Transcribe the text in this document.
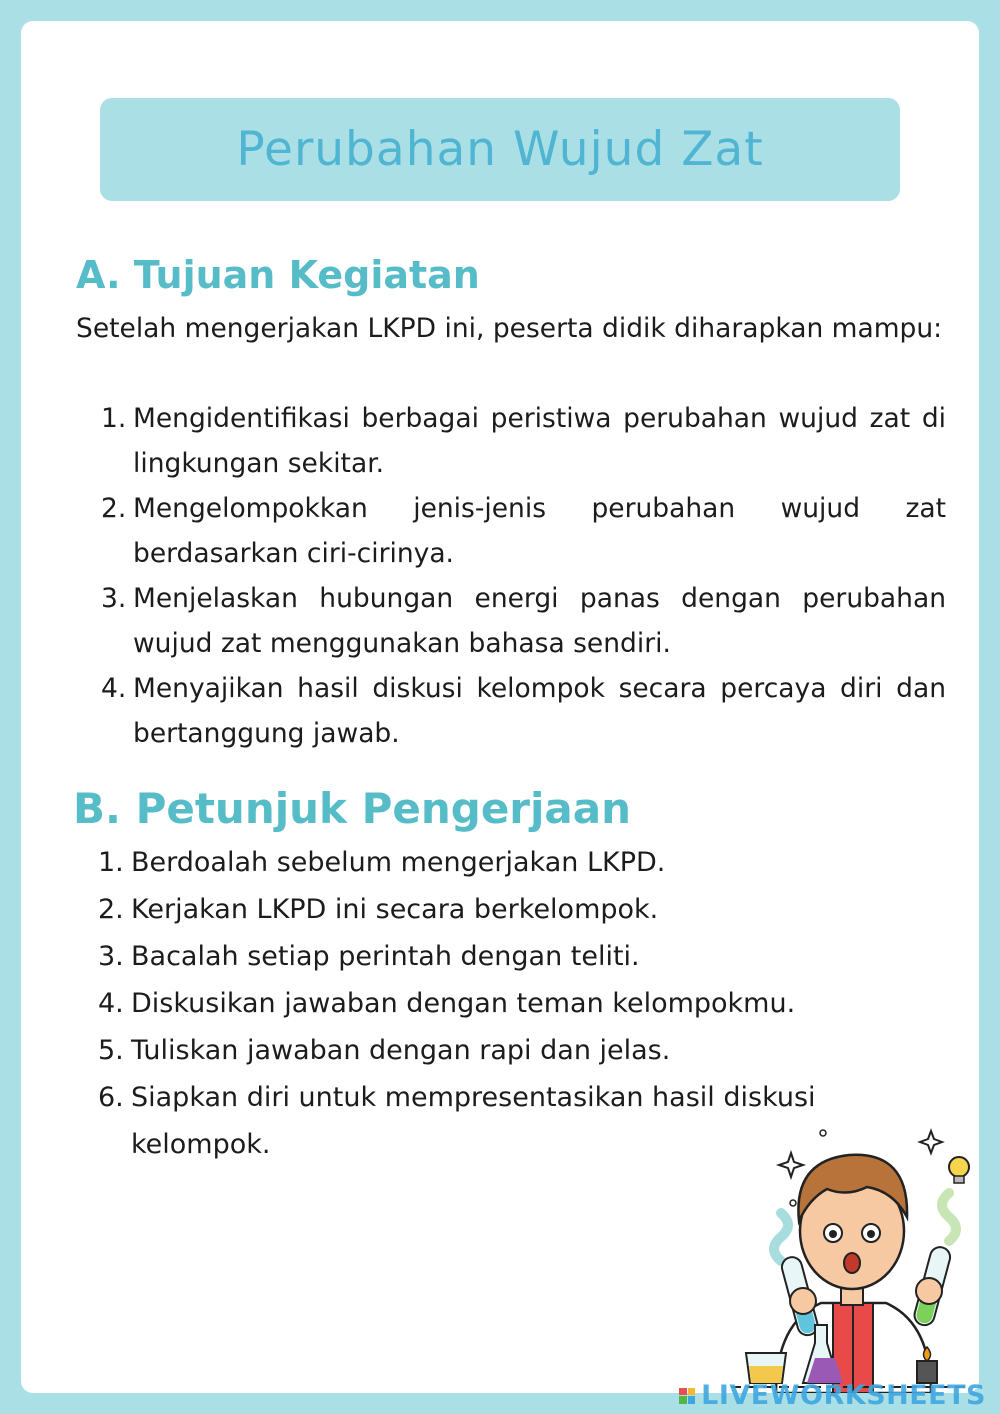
Perubahan Wujud Zat
A. Tujuan Kegiatan

Setelah mengerjakan LKPD ini, peserta didik diharapkan mampu:

1. Mengidentifikasi berbagai peristiwa perubahan wujud zat di lingkungan sekitar.
2. Mengelompokkan jenis-jenis perubahan wujud zat berdasarkan ciri-cirinya.
3. Menjelaskan hubungan energi panas dengan perubahan wujud zat menggunakan bahasa sendiri.
4. Menyajikan hasil diskusi kelompok secara percaya diri dan bertanggung jawab.
B. Petunjuk Pengerjaan
1. Berdoalah sebelum mengerjakan LKPD.
2. Kerjakan LKPD ini secara berkelompok.
3. Bacalah setiap perintah dengan teliti.
4. Diskusikan jawaban dengan teman kelompokmu.
5. Tuliskan jawaban dengan rapi dan jelas.
6. Siapkan diri untuk mempresentasikan hasil diskusi kelompok.
LIVEWORKSHEETS
